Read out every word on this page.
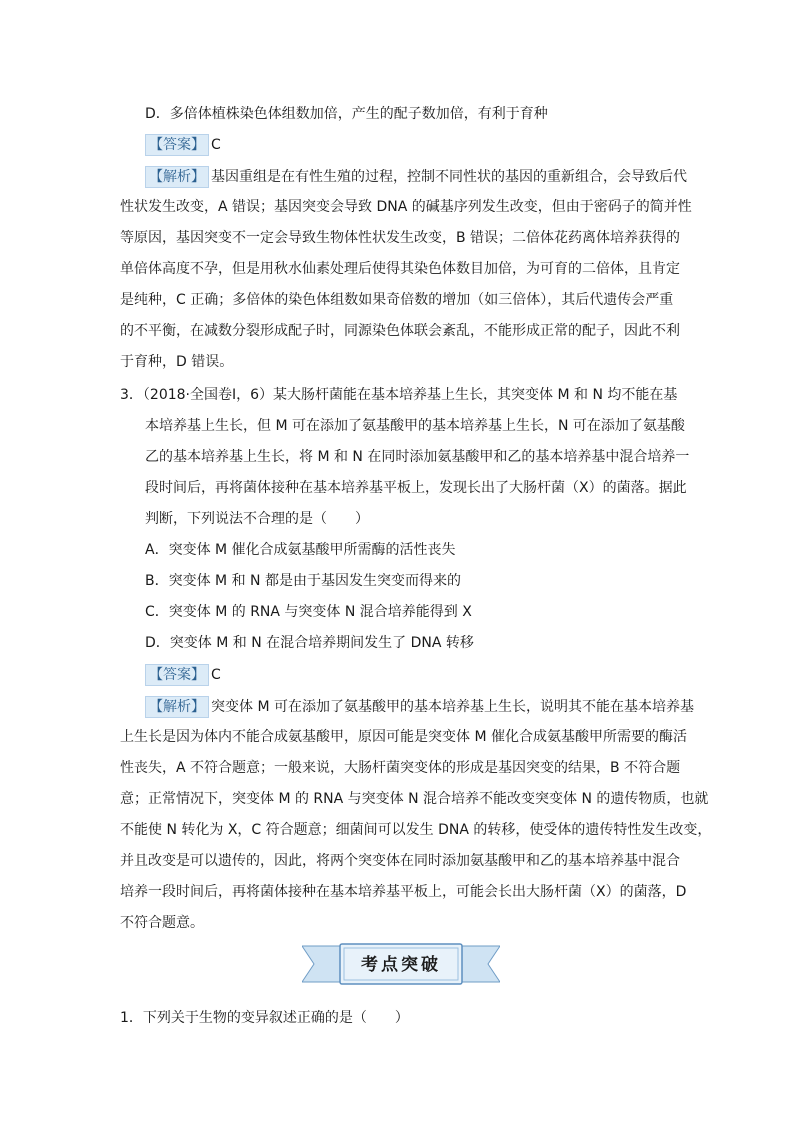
D．多倍体植株染色体组数加倍，产生的配子数加倍，有利于育种
【答案】 C
【解析】 基因重组是在有性生殖的过程，控制不同性状的基因的重新组合，会导致后代
性状发生改变，A 错误；基因突变会导致 DNA 的碱基序列发生改变，但由于密码子的简并性
等原因，基因突变不一定会导致生物体性状发生改变，B 错误；二倍体花药离体培养获得的
单倍体高度不孕，但是用秋水仙素处理后使得其染色体数目加倍，为可育的二倍体，且肯定
是纯种，C 正确；多倍体的染色体组数如果奇倍数的增加（如三倍体），其后代遗传会严重
的不平衡，在减数分裂形成配子时，同源染色体联会紊乱，不能形成正常的配子，因此不利
于育种，D 错误。
3．（2018·全国卷Ⅰ，6）某大肠杆菌能在基本培养基上生长，其突变体 M 和 N 均不能在基
本培养基上生长，但 M 可在添加了氨基酸甲的基本培养基上生长，N 可在添加了氨基酸
乙的基本培养基上生长，将 M 和 N 在同时添加氨基酸甲和乙的基本培养基中混合培养一
段时间后，再将菌体接种在基本培养基平板上，发现长出了大肠杆菌（X）的菌落。据此
判断，下列说法不合理的是（　　）
A．突变体 M 催化合成氨基酸甲所需酶的活性丧失
B．突变体 M 和 N 都是由于基因发生突变而得来的
C．突变体 M 的 RNA 与突变体 N 混合培养能得到 X
D．突变体 M 和 N 在混合培养期间发生了 DNA 转移
【答案】 C
【解析】 突变体 M 可在添加了氨基酸甲的基本培养基上生长，说明其不能在基本培养基
上生长是因为体内不能合成氨基酸甲，原因可能是突变体 M 催化合成氨基酸甲所需要的酶活
性丧失，A 不符合题意；一般来说，大肠杆菌突变体的形成是基因突变的结果，B 不符合题
意；正常情况下，突变体 M 的 RNA 与突变体 N 混合培养不能改变突变体 N 的遗传物质，也就
不能使 N 转化为 X，C 符合题意；细菌间可以发生 DNA 的转移，使受体的遗传特性发生改变，
并且改变是可以遗传的，因此，将两个突变体在同时添加氨基酸甲和乙的基本培养基中混合
培养一段时间后，再将菌体接种在基本培养基平板上，可能会长出大肠杆菌（X）的菌落，D
不符合题意。
考点突破
1．下列关于生物的变异叙述正确的是（　　）
